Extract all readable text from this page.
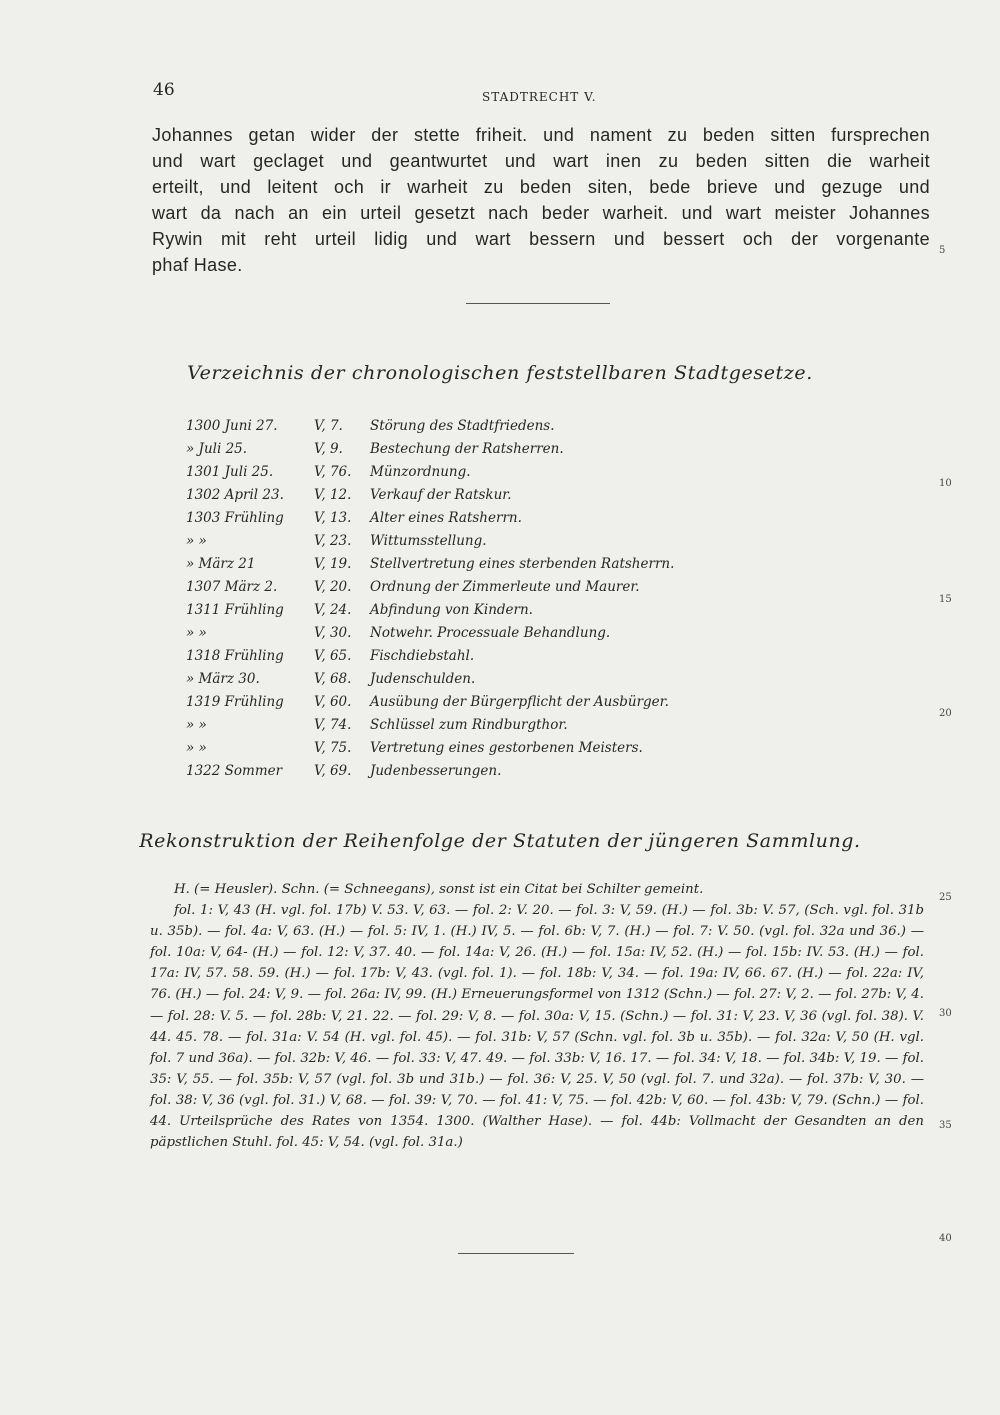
46	STADTRECHT V.
Johannes getan wider der stette friheit. und nament zu beden sitten fursprechen
und wart geclaget und geantwurtet und wart inen zu beden sitten die warheit
erteilt, und leitent och ir warheit zu beden siten, bede brieve und gezuge und
wart da nach an ein urteil gesetzt nach beder warheit. und wart meister Johannes
Rywin mit reht urteil lidig und wart bessern und bessert och der vorgenante
phaf Hase.
Verzeichnis der chronologischen feststellbaren Stadtgesetze.
1300 Juni 27.	V, 7.	Störung des Stadtfriedens.
» Juli 25.	V, 9.	Bestechung der Ratsherren.
1301 Juli 25.	V, 76.	Münzordnung.
1302 April 23.	V, 12.	Verkauf der Ratskur.
1303 Frühling	V, 13.	Alter eines Ratsherrn.
» »	V, 23.	Wittumsstellung.
» März 21	V, 19.	Stellvertretung eines sterbenden Ratsherrn.
1307 März 2.	V, 20.	Ordnung der Zimmerleute und Maurer.
1311 Frühling	V, 24.	Abfindung von Kindern.
» »	V, 30.	Notwehr. Processuale Behandlung.
1318 Frühling	V, 65.	Fischdiebstahl.
» März 30.	V, 68.	Judenschulden.
1319 Frühling	V, 60.	Ausübung der Bürgerpflicht der Ausbürger.
» »	V, 74.	Schlüssel zum Rindburgthor.
» »	V, 75.	Vertretung eines gestorbenen Meisters.
1322 Sommer	V, 69.	Judenbesserungen.
Rekonstruktion der Reihenfolge der Statuten der jüngeren Sammlung.

H. (= Heusler). Schn. (= Schneegans), sonst ist ein Citat bei Schilter gemeint.

fol. 1: V, 43 (H. vgl. fol. 17b) V. 53. V, 63. — fol. 2: V. 20. — fol. 3: V, 59. (H.) — fol. 3b: V. 57, (Sch. vgl. fol. 31b u. 35b). — fol. 4a: V, 63. (H.) — fol. 5: IV, 1. (H.) IV, 5. — fol. 6b: V, 7. (H.) — fol. 7: V. 50. (vgl. fol. 32a und 36.) — fol. 10a: V, 64- (H.) — fol. 12: V, 37. 40. — fol. 14a: V, 26. (H.) — fol. 15a: IV, 52. (H.) — fol. 15b: IV. 53. (H.) — fol. 17a: IV, 57. 58. 59. (H.) — fol. 17b: V, 43. (vgl. fol. 1). — fol. 18b: V, 34. — fol. 19a: IV, 66. 67. (H.) — fol. 22a: IV, 76. (H.) — fol. 24: V, 9. — fol. 26a: IV, 99. (H.) Erneuerungsformel von 1312 (Schn.) — fol. 27: V, 2. — fol. 27b: V, 4. — fol. 28: V. 5. — fol. 28b: V, 21. 22. — fol. 29: V, 8. — fol. 30a: V, 15. (Schn.) — fol. 31: V, 23. V, 36 (vgl. fol. 38). V. 44. 45. 78. — fol. 31a: V. 54 (H. vgl. fol. 45). — fol. 31b: V, 57 (Schn. vgl. fol. 3b u. 35b). — fol. 32a: V, 50 (H. vgl. fol. 7 und 36a). — fol. 32b: V, 46. — fol. 33: V, 47. 49. — fol. 33b: V, 16. 17. — fol. 34: V, 18. — fol. 34b: V, 19. — fol. 35: V, 55. — fol. 35b: V, 57 (vgl. fol. 3b und 31b.) — fol. 36: V, 25. V, 50 (vgl. fol. 7. und 32a). — fol. 37b: V, 30. — fol. 38: V, 36 (vgl. fol. 31.) V, 68. — fol. 39: V, 70. — fol. 41: V, 75. — fol. 42b: V, 60. — fol. 43b: V, 79. (Schn.) — fol. 44. Urteilsprüche des Rates von 1354. 1300. (Walther Hase). — fol. 44b: Vollmacht der Gesandten an den päpstlichen Stuhl. fol. 45: V, 54. (vgl. fol. 31a.)

5
10
15
20
25
30
35
40
